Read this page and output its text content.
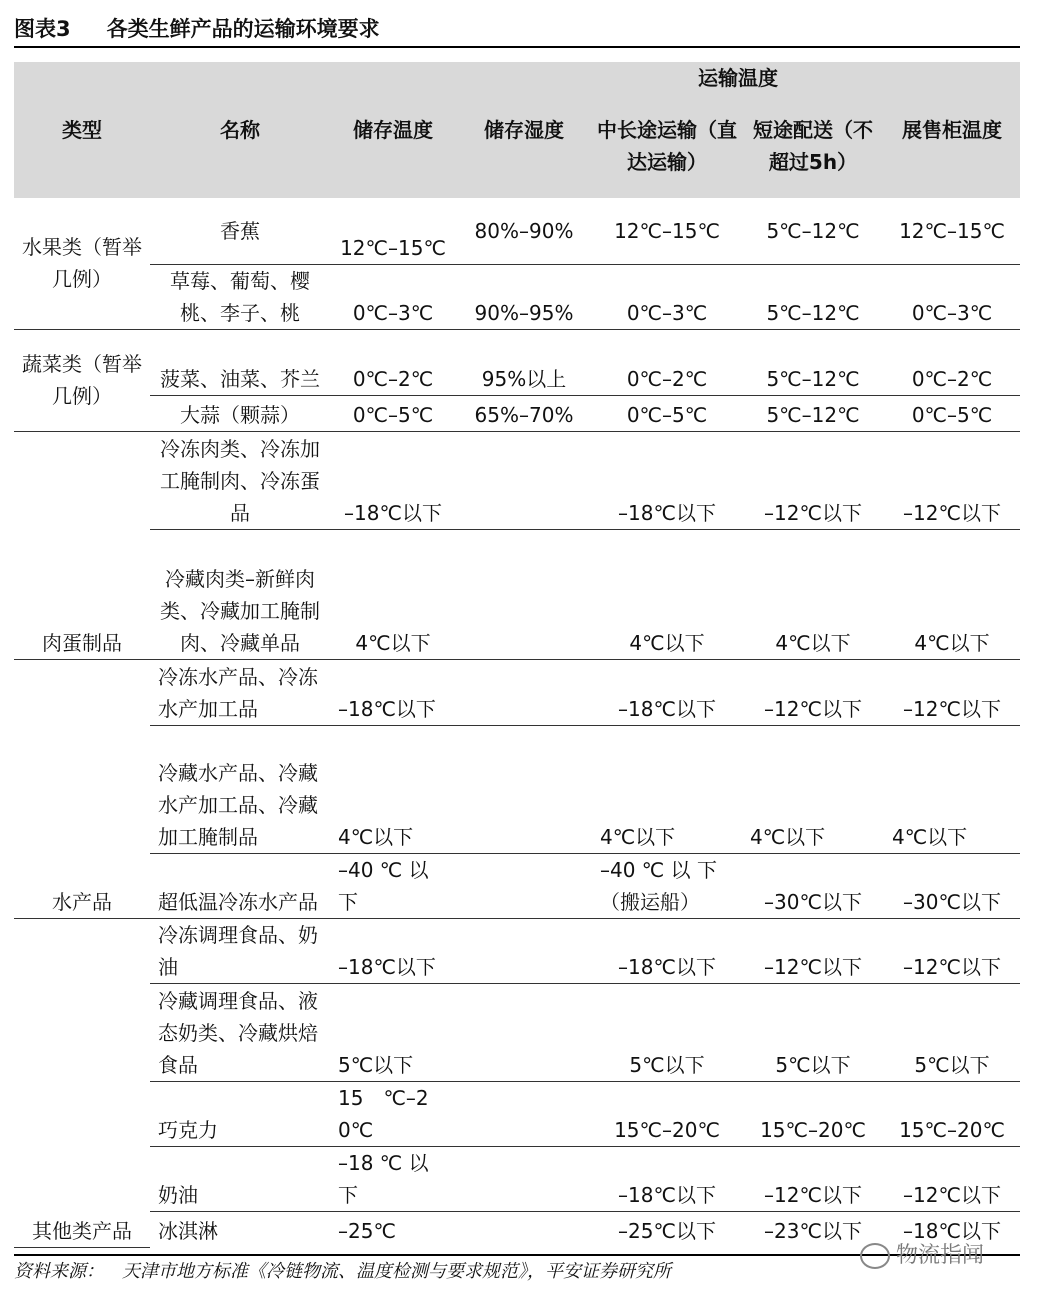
图表3 各类生鲜产品的运输环境要求
类型	名称	储存温度	储存湿度	运输温度		展售柜温度
				中长途运输（直达运输）	短途配送（不超过5h）	
水果类（暂举几例）	香蕉	12℃–15℃	80%–90%	12℃–15℃	5℃–12℃	12℃–15℃
	草莓、葡萄、樱桃、李子、桃	0℃–3℃	90%–95%	0℃–3℃	5℃–12℃	0℃–3℃
蔬菜类（暂举几例）	菠菜、油菜、芥兰	0℃–2℃	95%以上	0℃–2℃	5℃–12℃	0℃–2℃
	大蒜（颗蒜）	0℃–5℃	65%–70%	0℃–5℃	5℃–12℃	0℃–5℃
肉蛋制品	冷冻肉类、冷冻加工腌制肉、冷冻蛋品	–18℃以下		–18℃以下	–12℃以下	–12℃以下
	冷藏肉类–新鲜肉类、冷藏加工腌制肉、冷藏单品	4℃以下		4℃以下	4℃以下	4℃以下
水产品	冷冻水产品、冷冻水产加工品	–18℃以下		–18℃以下	–12℃以下	–12℃以下
	冷藏水产品、冷藏水产加工品、冷藏加工腌制品	4℃以下		4℃以下	4℃以下	4℃以下
	超低温冷冻水产品	–40 ℃ 以下		–40 ℃ 以 下（搬运船）	–30℃以下	–30℃以下
其他类产品	冷冻调理食品、奶油	–18℃以下		–18℃以下	–12℃以下	–12℃以下
	冷藏调理食品、液态奶类、冷藏烘焙食品	5℃以下		5℃以下	5℃以下	5℃以下
	巧克力	15　℃–20℃		15℃–20℃	15℃–20℃	15℃–20℃
	奶油	–18 ℃ 以下		–18℃以下	–12℃以下	–12℃以下
	冰淇淋	–25℃		–25℃以下	–23℃以下	–18℃以下
资料来源： 天津市地方标准《冷链物流、温度检测与要求规范》，平安证券研究所
物流指闻
